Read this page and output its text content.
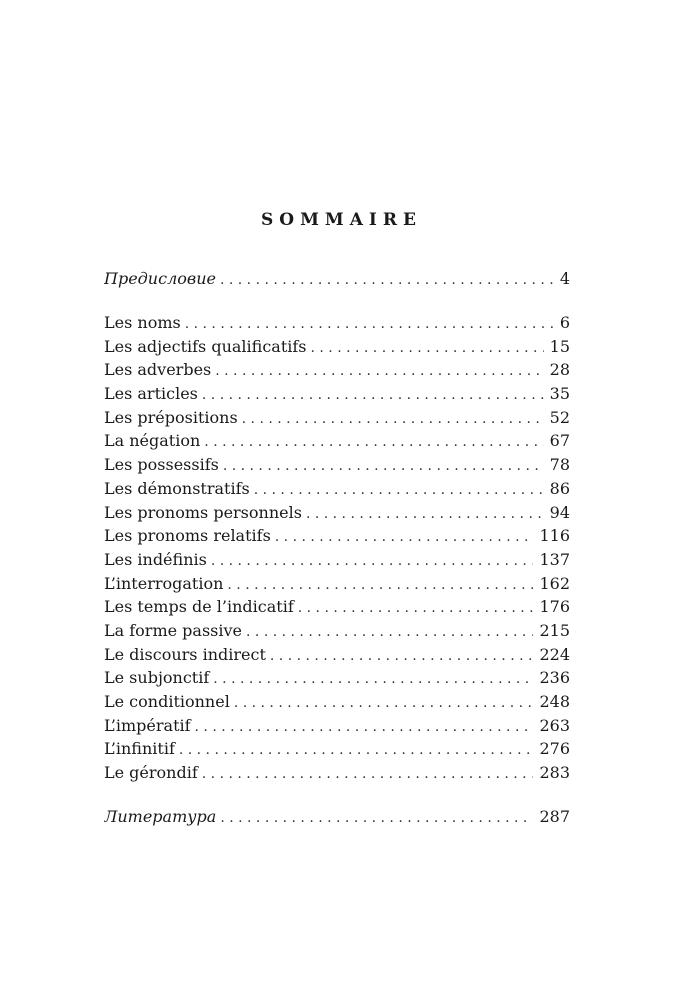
SOMMAIRE
Предисловие . . .	4
Les noms . . .	6
Les adjectifs qualificatifs . . .	15
Les adverbes . . .	28
Les articles . . .	35
Les prépositions . . .	52
La négation . . .	67
Les possessifs . . .	78
Les démonstratifs . . .	86
Les pronoms personnels . . .	94
Les pronoms relatifs . . .	116
Les indéfinis . . .	137
L’interrogation . . .	162
Les temps de l’indicatif . . .	176
La forme passive . . .	215
Le discours indirect . . .	224
Le subjonctif . . .	236
Le conditionnel . . .	248
L’impératif . . .	263
L’infinitif . . .	276
Le gérondif . . .	283
Литература . . .	287
